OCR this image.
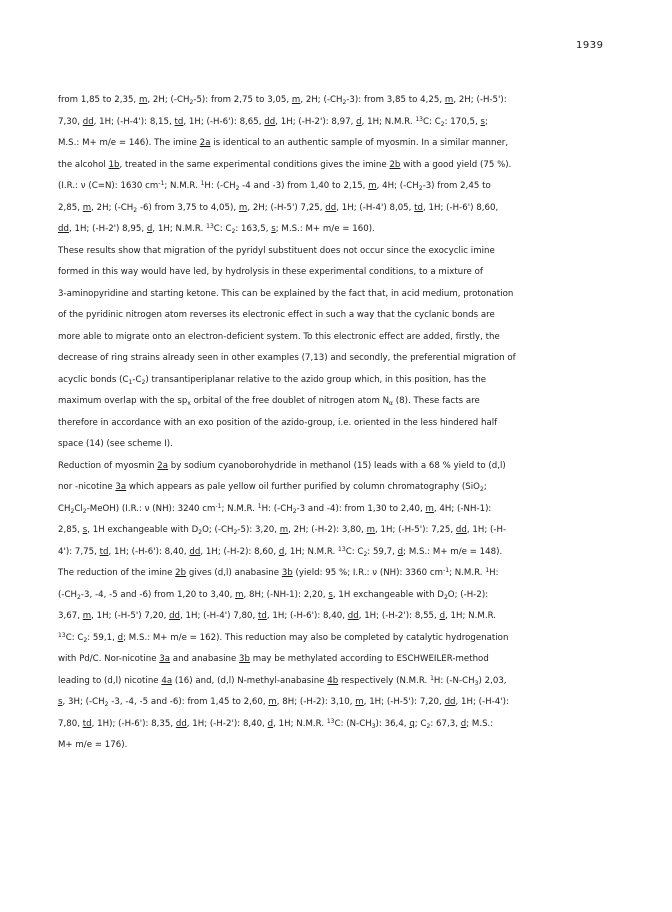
1939
from 1,85 to 2,35, m, 2H; $(-CH_2-5)$: from 2,75 to 3,05, m, 2H; $(-CH_2-3)$: from 3,85 to 4,25, m, 2H; (-H-5'):
7,30, dd, 1H; (-H-4'): 8,15, td, 1H; (-H-6'): 8,65, dd, 1H; (-H-2'): 8,97, d, 1H; N.M.R. $^{13}$C: $C_2$: 170,5, s;
M.S.: M+ m/e = 146). The imine 2a is identical to an authentic sample of myosmin. In a similar manner,
the alcohol 1b, treated in the same experimental conditions gives the imine 2b with a good yield (75 %).
(I.R.: ν (C=N): 1630 $cm^{-1}$; N.M.R. $^1$H: ($-CH_2$ -4 and -3) from 1,40 to 2,15, m, 4H; $(-CH_2-3)$ from 2,45 to
2,85, m, 2H; ($-CH_2$ -6) from 3,75 to 4,05), m, 2H; (-H-5') 7,25, dd, 1H; (-H-4') 8,05, td, 1H; (-H-6') 8,60,
dd, 1H; (-H-2') 8,95, d, 1H; N.M.R. $^{13}$C: $C_2$: 163,5, s; M.S.: M+ m/e = 160).
These results show that migration of the pyridyl substituent does not occur since the exocyclic imine
formed in this way would have led, by hydrolysis in these experimental conditions, to a mixture of
3-aminopyridine and starting ketone. This can be explained by the fact that, in acid medium, protonation
of the pyridinic nitrogen atom reverses its electronic effect in such a way that the cyclanic bonds are
more able to migrate onto an electron-deficient system. To this electronic effect are added, firstly, the
decrease of ring strains already seen in other examples (7,13) and secondly, the preferential migration of
acyclic bonds $(C_1-C_2)$ transantiperiplanar relative to the azido group which, in this position, has the
maximum overlap with the $sp_x$ orbital of the free doublet of nitrogen atom $N_\alpha$ (8). These facts are
therefore in accordance with an exo position of the azido-group, i.e. oriented in the less hindered half
space (14) (see scheme I).
Reduction of myosmin 2a by sodium cyanoborohydride in methanol (15) leads with a 68 % yield to (d,l)
nor -nicotine 3a which appears as pale yellow oil further purified by column chromatography (SiO$_2$;
$CH_2Cl_2-MeOH$) (I.R.: ν (NH): 3240 $cm^{-1}$; N.M.R. $^1$H: ($-CH_2-3$ and -4): from 1,30 to 2,40, m, 4H; (-NH-1):
2,85, s, 1H exchangeable with $D_2O$; $(-CH_2-5)$: 3,20, m, 2H; (-H-2): 3,80, m, 1H; (-H-5'): 7,25, dd, 1H; (-H-
4'): 7,75, td, 1H; (-H-6'): 8,40, dd, 1H; (-H-2): 8,60, d, 1H; N.M.R. $^{13}$C: $C_2$: 59,7, d; M.S.: M+ m/e = 148).
The reduction of the imine 2b gives (d,l) anabasine 3b (yield: 95 %; I.R.: ν (NH): 3360 $cm^{-1}$; N.M.R. $^1$H:
($-CH_2-3$, -4, -5 and -6) from 1,20 to 3,40, m, 8H; (-NH-1): 2,20, s, 1H exchangeable with $D_2O$; (-H-2):
3,67, m, 1H; (-H-5') 7,20, dd, 1H; (-H-4') 7,80, td, 1H; (-H-6'): 8,40, dd, 1H; (-H-2'): 8,55, d, 1H; N.M.R.
$^{13}$C: $C_2$: 59,1, d; M.S.: M+ m/e = 162). This reduction may also be completed by catalytic hydrogenation
with Pd/C. Nor-nicotine 3a and anabasine 3b may be methylated according to ESCHWEILER-method
leading to (d,l) nicotine 4a (16) and, (d,l) N-methyl-anabasine 4b respectively (N.M.R. $^1$H: $(-N-CH_3)$ 2,03,
s, 3H; ($-CH_2$ -3, -4, -5 and -6): from 1,45 to 2,60, m, 8H; (-H-2): 3,10, m, 1H; (-H-5'): 7,20, dd, 1H; (-H-4'):
7,80, td, 1H); (-H-6'): 8,35, dd, 1H; (-H-2'): 8,40, d, 1H; N.M.R. $^{13}$C: $(N-CH_3)$: 36,4, q; $C_2$: 67,3, d; M.S.:
M+ m/e = 176).
